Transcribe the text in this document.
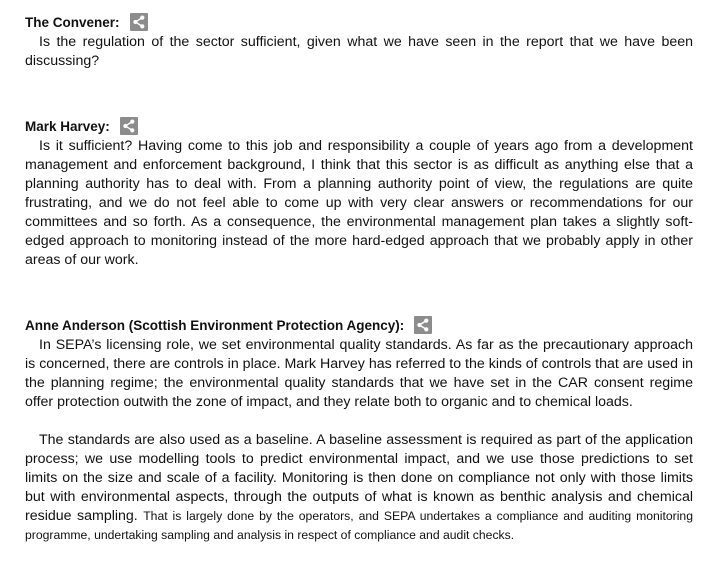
The Convener:

Is the regulation of the sector sufficient, given what we have seen in the report that we have been discussing?

Mark Harvey:

Is it sufficient? Having come to this job and responsibility a couple of years ago from a development management and enforcement background, I think that this sector is as difficult as anything else that a planning authority has to deal with. From a planning authority point of view, the regulations are quite frustrating, and we do not feel able to come up with very clear answers or recommendations for our committees and so forth. As a consequence, the environmental management plan takes a slightly soft-edged approach to monitoring instead of the more hard-edged approach that we probably apply in other areas of our work.

Anne Anderson (Scottish Environment Protection Agency):

In SEPA’s licensing role, we set environmental quality standards. As far as the precautionary approach is concerned, there are controls in place. Mark Harvey has referred to the kinds of controls that are used in the planning regime; the environmental quality standards that we have set in the CAR consent regime offer protection outwith the zone of impact, and they relate both to organic and to chemical loads.

The standards are also used as a baseline. A baseline assessment is required as part of the application process; we use modelling tools to predict environmental impact, and we use those predictions to set limits on the size and scale of a facility. Monitoring is then done on compliance not only with those limits but with environmental aspects, through the outputs of what is known as benthic analysis and chemical residue sampling. That is largely done by the operators, and SEPA undertakes a compliance and auditing monitoring programme, undertaking sampling and analysis in respect of compliance and audit checks.
